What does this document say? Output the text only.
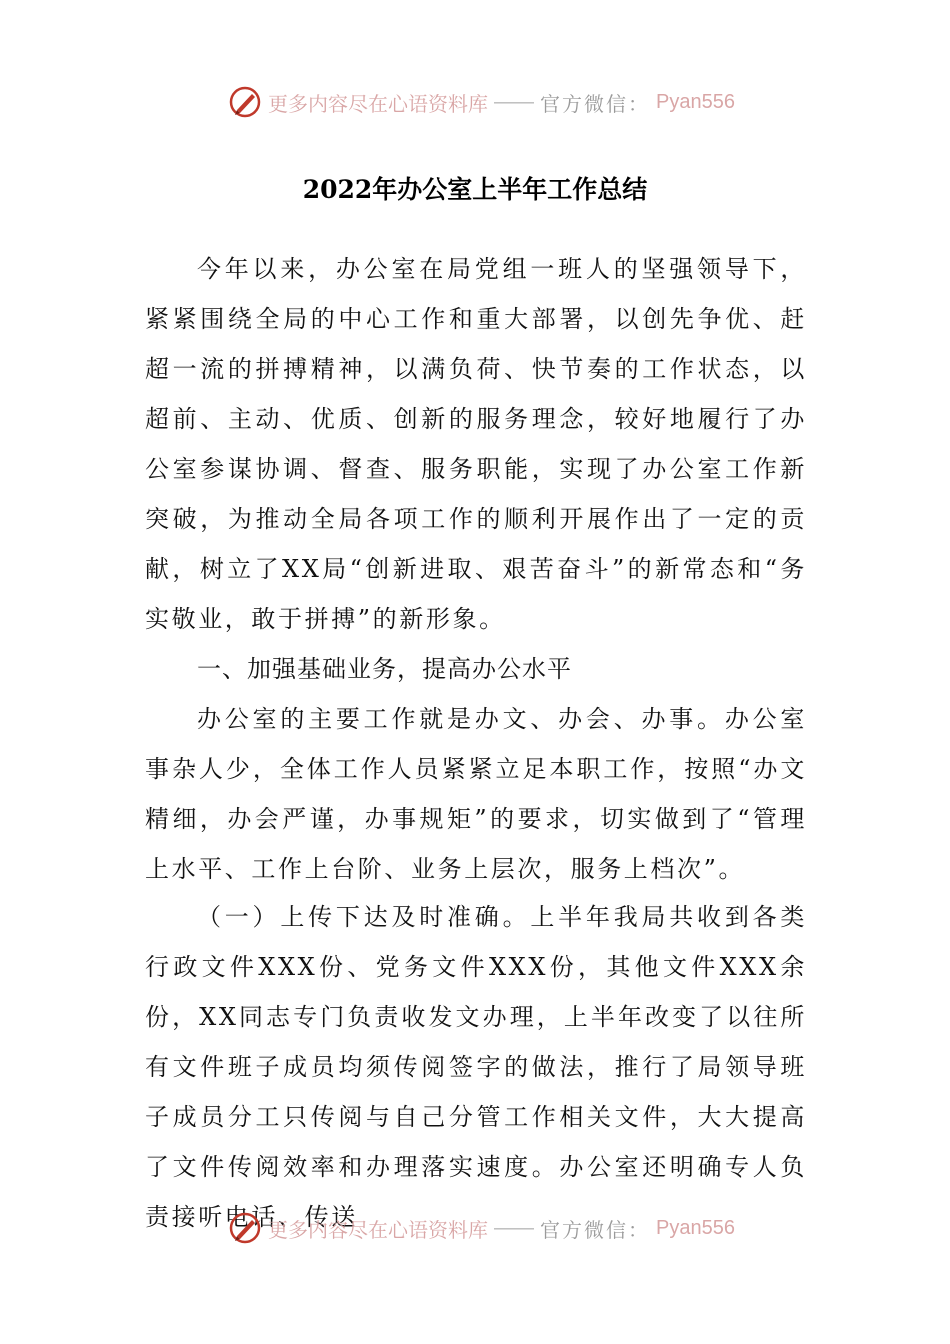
更多内容尽在心语资料库 —— 官方微信： Pyan556
2022年办公室上半年工作总结
今年以来，办公室在局党组一班人的坚强领导下，紧紧围绕全局的中心工作和重大部署，以创先争优、赶超一流的拼搏精神，以满负荷、快节奏的工作状态，以超前、主动、优质、创新的服务理念，较好地履行了办公室参谋协调、督查、服务职能，实现了办公室工作新突破，为推动全局各项工作的顺利开展作出了一定的贡献，树立了XX局“创新进取、艰苦奋斗”的新常态和“务实敬业，敢于拼搏”的新形象。
一、加强基础业务，提高办公水平
办公室的主要工作就是办文、办会、办事。办公室事杂人少，全体工作人员紧紧立足本职工作，按照“办文精细，办会严谨，办事规矩”的要求，切实做到了“管理上水平、工作上台阶、业务上层次，服务上档次”。
（一）上传下达及时准确。上半年我局共收到各类行政文件XXX份、党务文件XXX份，其他文件XXX余份，XX同志专门负责收发文办理，上半年改变了以往所有文件班子成员均须传阅签字的做法，推行了局领导班子成员分工只传阅与自己分管工作相关文件，大大提高了文件传阅效率和办理落实速度。办公室还明确专人负责接听电话、传送
更多内容尽在心语资料库 —— 官方微信： Pyan556
